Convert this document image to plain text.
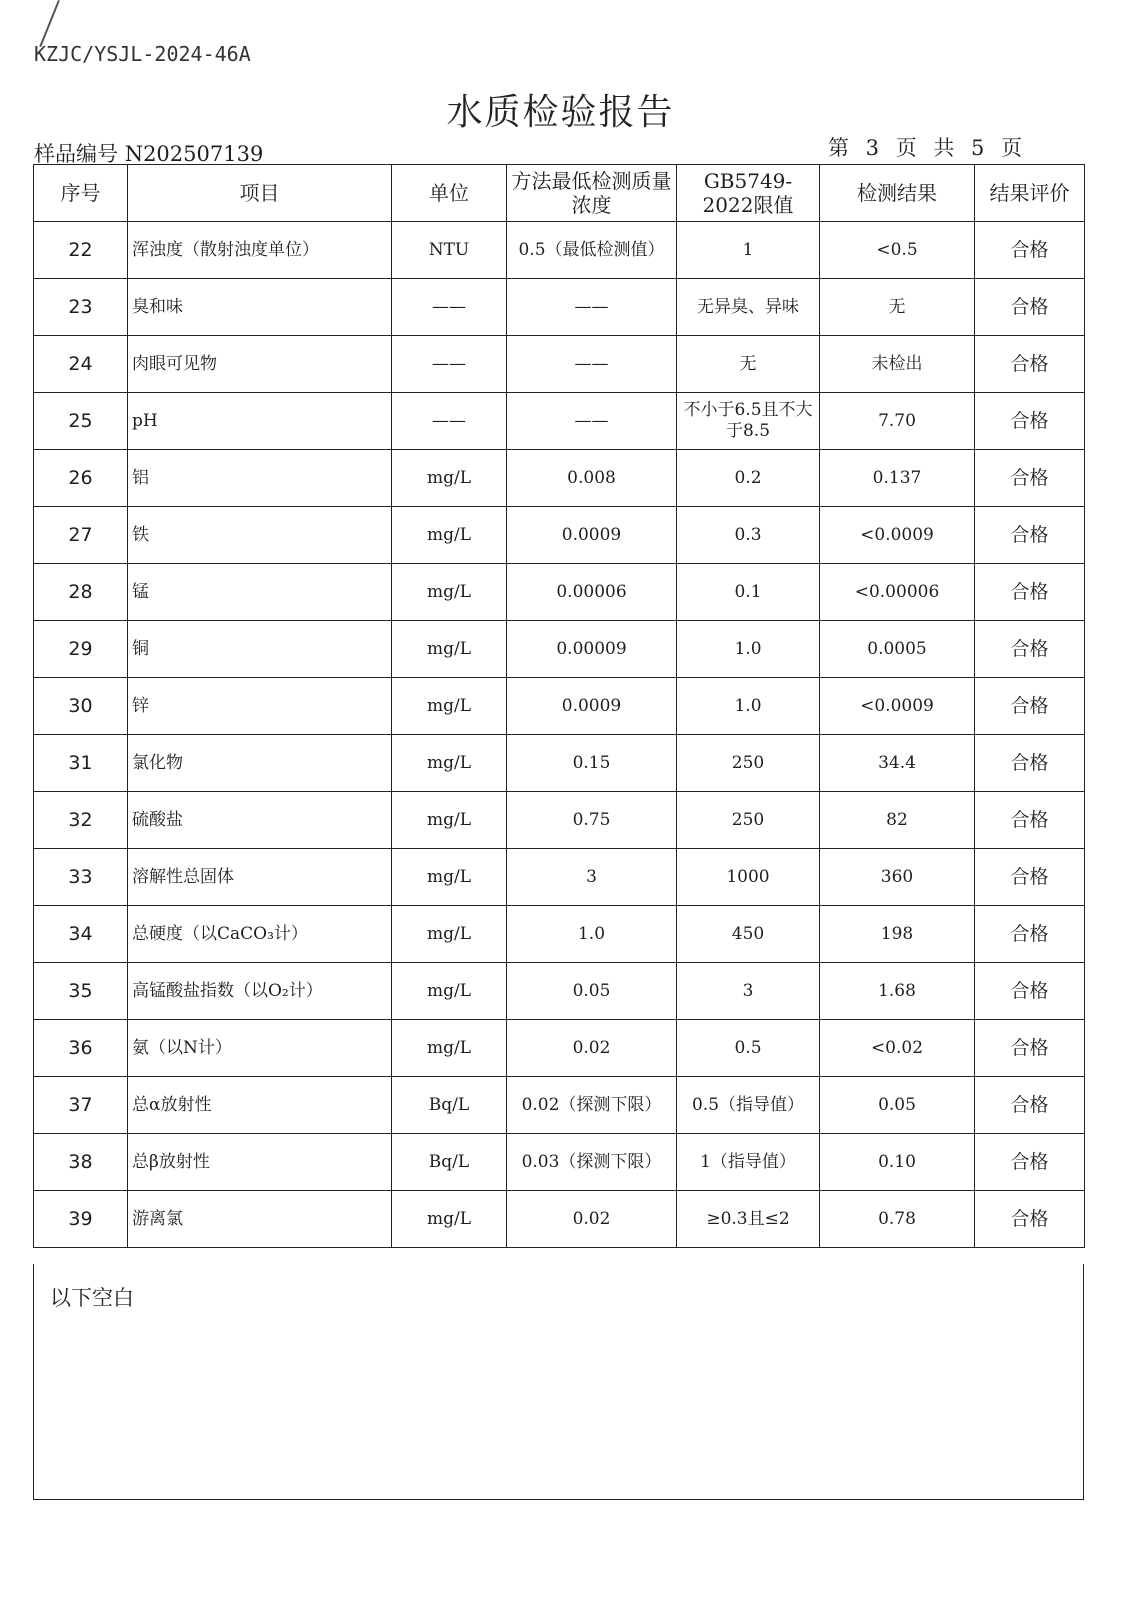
KZJC/YSJL-2024-46A
水质检验报告
样品编号 N202507139	第 3 页 共 5 页
序号	项目	单位	方法最低检测质量浓度	GB5749-2022限值	检测结果	结果评价
22	浑浊度（散射浊度单位）	NTU	0.5（最低检测值）	1	<0.5	合格
23	臭和味	——	——	无异臭、异味	无	合格
24	肉眼可见物	——	——	无	未检出	合格
25	pH	——	——	不小于6.5且不大于8.5	7.70	合格
26	铝	mg/L	0.008	0.2	0.137	合格
27	铁	mg/L	0.0009	0.3	<0.0009	合格
28	锰	mg/L	0.00006	0.1	<0.00006	合格
29	铜	mg/L	0.00009	1.0	0.0005	合格
30	锌	mg/L	0.0009	1.0	<0.0009	合格
31	氯化物	mg/L	0.15	250	34.4	合格
32	硫酸盐	mg/L	0.75	250	82	合格
33	溶解性总固体	mg/L	3	1000	360	合格
34	总硬度（以CaCO₃计）	mg/L	1.0	450	198	合格
35	高锰酸盐指数（以O₂计）	mg/L	0.05	3	1.68	合格
36	氨（以N计）	mg/L	0.02	0.5	<0.02	合格
37	总α放射性	Bq/L	0.02（探测下限）	0.5（指导值）	0.05	合格
38	总β放射性	Bq/L	0.03（探测下限）	1（指导值）	0.10	合格
39	游离氯	mg/L	0.02	≥0.3且≤2	0.78	合格
以下空白
